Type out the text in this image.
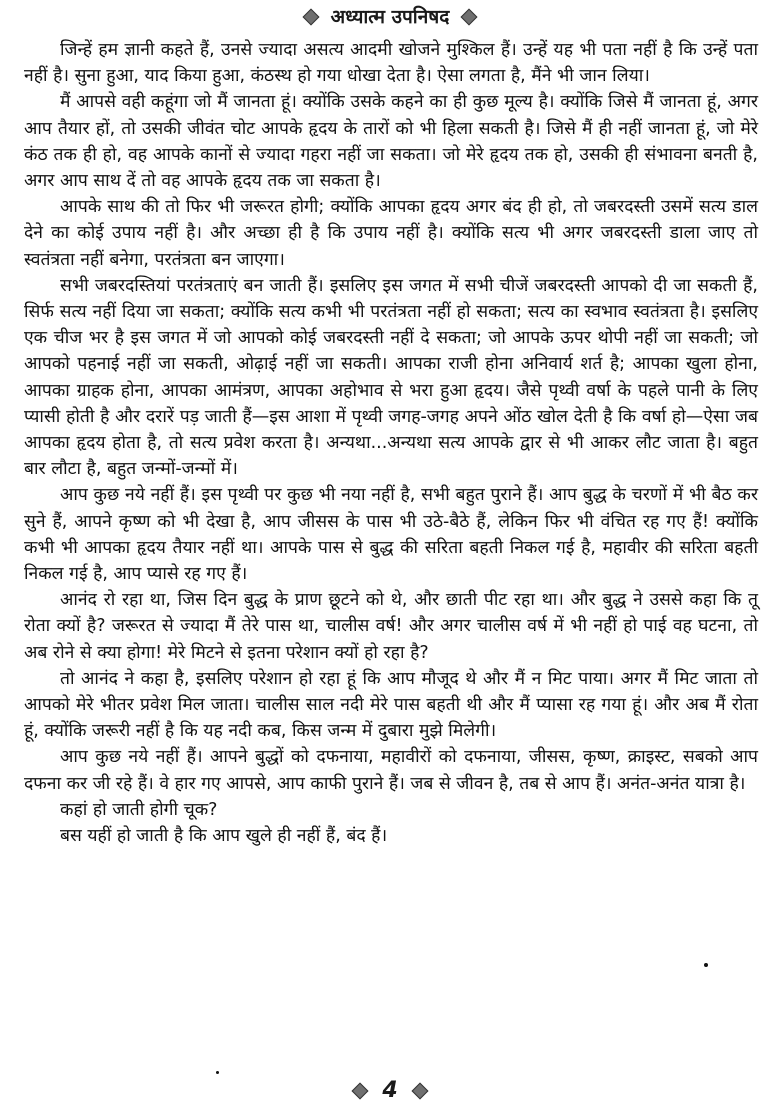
अध्यात्म उपनिषद

जिन्हें हम ज्ञानी कहते हैं, उनसे ज्यादा असत्य आदमी खोजने मुश्किल हैं। उन्हें यह भी पता नहीं है कि उन्हें पता नहीं है। सुना हुआ, याद किया हुआ, कंठस्थ हो गया धोखा देता है। ऐसा लगता है, मैंने भी जान लिया।

मैं आपसे वही कहूंगा जो मैं जानता हूं। क्योंकि उसके कहने का ही कुछ मूल्य है। क्योंकि जिसे मैं जानता हूं, अगर आप तैयार हों, तो उसकी जीवंत चोट आपके हृदय के तारों को भी हिला सकती है। जिसे मैं ही नहीं जानता हूं, जो मेरे कंठ तक ही हो, वह आपके कानों से ज्यादा गहरा नहीं जा सकता। जो मेरे हृदय तक हो, उसकी ही संभावना बनती है, अगर आप साथ दें तो वह आपके हृदय तक जा सकता है।

आपके साथ की तो फिर भी जरूरत होगी; क्योंकि आपका हृदय अगर बंद ही हो, तो जबरदस्ती उसमें सत्य डाल देने का कोई उपाय नहीं है। और अच्छा ही है कि उपाय नहीं है। क्योंकि सत्य भी अगर जबरदस्ती डाला जाए तो स्वतंत्रता नहीं बनेगा, परतंत्रता बन जाएगा।

सभी जबरदस्तियां परतंत्रताएं बन जाती हैं। इसलिए इस जगत में सभी चीजें जबरदस्ती आपको दी जा सकती हैं, सिर्फ सत्य नहीं दिया जा सकता; क्योंकि सत्य कभी भी परतंत्रता नहीं हो सकता; सत्य का स्वभाव स्वतंत्रता है। इसलिए एक चीज भर है इस जगत में जो आपको कोई जबरदस्ती नहीं दे सकता; जो आपके ऊपर थोपी नहीं जा सकती; जो आपको पहनाई नहीं जा सकती, ओढ़ाई नहीं जा सकती। आपका राजी होना अनिवार्य शर्त है; आपका खुला होना, आपका ग्राहक होना, आपका आमंत्रण, आपका अहोभाव से भरा हुआ हृदय। जैसे पृथ्वी वर्षा के पहले पानी के लिए प्यासी होती है और दरारें पड़ जाती हैं—इस आशा में पृथ्वी जगह-जगह अपने ओंठ खोल देती है कि वर्षा हो—ऐसा जब आपका हृदय होता है, तो सत्य प्रवेश करता है। अन्यथा...अन्यथा सत्य आपके द्वार से भी आकर लौट जाता है। बहुत बार लौटा है, बहुत जन्मों-जन्मों में।

आप कुछ नये नहीं हैं। इस पृथ्वी पर कुछ भी नया नहीं है, सभी बहुत पुराने हैं। आप बुद्ध के चरणों में भी बैठ कर सुने हैं, आपने कृष्ण को भी देखा है, आप जीसस के पास भी उठे-बैठे हैं, लेकिन फिर भी वंचित रह गए हैं! क्योंकि कभी भी आपका हृदय तैयार नहीं था। आपके पास से बुद्ध की सरिता बहती निकल गई है, महावीर की सरिता बहती निकल गई है, आप प्यासे रह गए हैं।

आनंद रो रहा था, जिस दिन बुद्ध के प्राण छूटने को थे, और छाती पीट रहा था। और बुद्ध ने उससे कहा कि तू रोता क्यों है? जरूरत से ज्यादा मैं तेरे पास था, चालीस वर्ष! और अगर चालीस वर्ष में भी नहीं हो पाई वह घटना, तो अब रोने से क्या होगा! मेरे मिटने से इतना परेशान क्यों हो रहा है?

तो आनंद ने कहा है, इसलिए परेशान हो रहा हूं कि आप मौजूद थे और मैं न मिट पाया। अगर मैं मिट जाता तो आपको मेरे भीतर प्रवेश मिल जाता। चालीस साल नदी मेरे पास बहती थी और मैं प्यासा रह गया हूं। और अब मैं रोता हूं, क्योंकि जरूरी नहीं है कि यह नदी कब, किस जन्म में दुबारा मुझे मिलेगी।

आप कुछ नये नहीं हैं। आपने बुद्धों को दफनाया, महावीरों को दफनाया, जीसस, कृष्ण, क्राइस्ट, सबको आप दफना कर जी रहे हैं। वे हार गए आपसे, आप काफी पुराने हैं। जब से जीवन है, तब से आप हैं। अनंत-अनंत यात्रा है।

कहां हो जाती होगी चूक?

बस यहीं हो जाती है कि आप खुले ही नहीं हैं, बंद हैं।

4
